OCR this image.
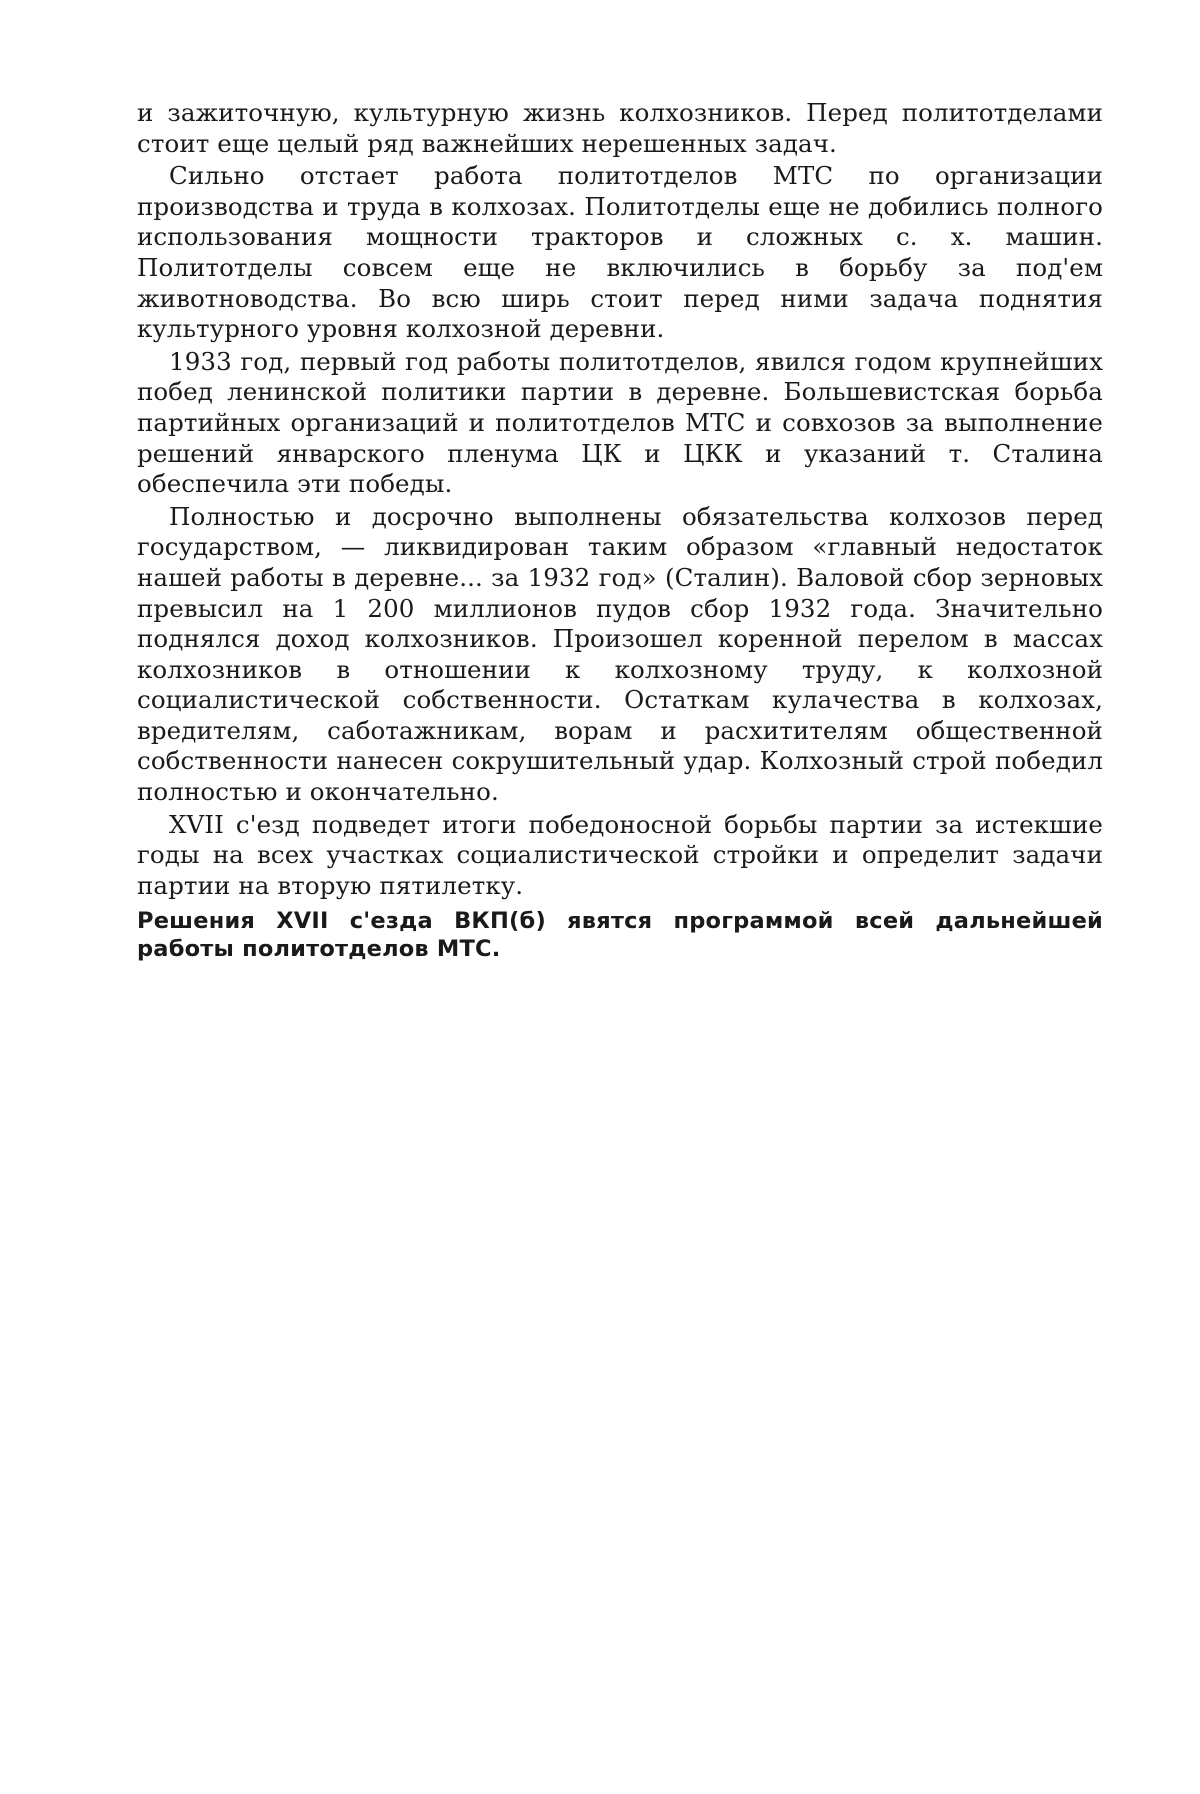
и зажиточную, культурную жизнь колхозников. Перед политотделами стоит еще целый ряд важнейших нерешенных задач.

Сильно отстает работа политотделов МТС по организации производства и труда в колхозах. Политотделы еще не добились полного использования мощности тракторов и сложных с. х. машин. Политотделы совсем еще не включились в борьбу за под'ем животноводства. Во всю ширь стоит перед ними задача поднятия культурного уровня колхозной деревни.

1933 год, первый год работы политотделов, явился годом крупнейших побед ленинской политики партии в деревне. Большевистская борьба партийных организаций и политотделов МТС и совхозов за выполнение решений январского пленума ЦК и ЦКК и указаний т. Сталина обеспечила эти победы.

Полностью и досрочно выполнены обязательства колхозов перед государством, — ликвидирован таким образом «главный недостаток нашей работы в деревне... за 1932 год» (Сталин). Валовой сбор зерновых превысил на 1 200 миллионов пудов сбор 1932 года. Значительно поднялся доход колхозников. Произошел коренной перелом в массах колхозников в отношении к колхозному труду, к колхозной социалистической собственности. Остаткам кулачества в колхозах, вредителям, саботажникам, ворам и расхитителям общественной собственности нанесен сокрушительный удар. Колхозный строй победил полностью и окончательно.

XVII с'езд подведет итоги победоносной борьбы партии за истекшие годы на всех участках социалистической стройки и определит задачи партии на вторую пятилетку.

Решения XVII с'езда ВКП(б) явятся программой всей дальнейшей работы политотделов МТС.
